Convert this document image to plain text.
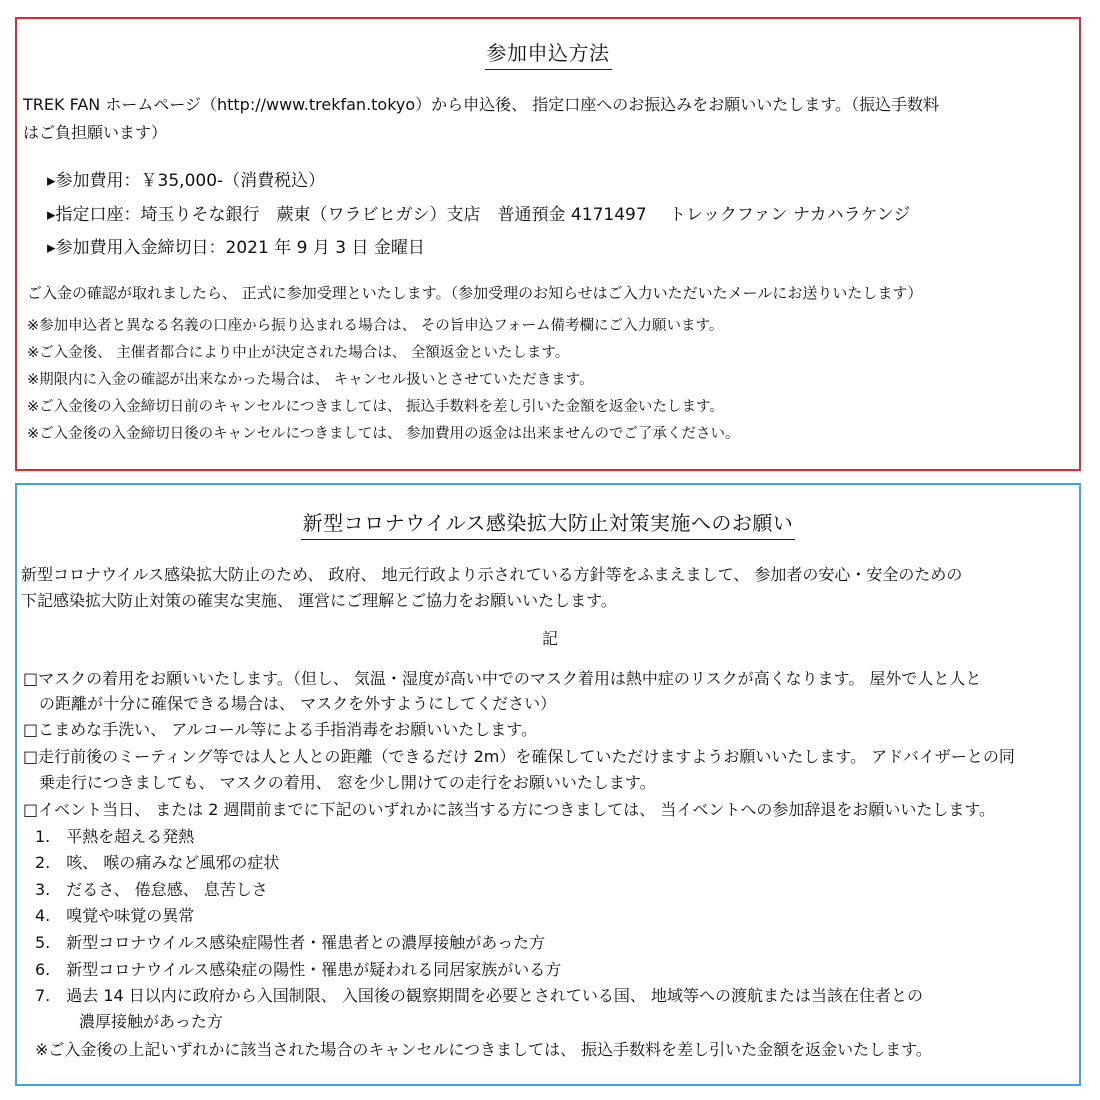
参加申込方法
TREK FAN ホームページ（http://www.trekfan.tokyo）から申込後、 指定口座へのお振込みをお願いいたします。（振込手数料
はご負担願います）
▸参加費用：￥35,000-（消費税込）
▸指定口座：埼玉りそな銀行　蕨東（ワラビヒガシ）支店　普通預金 4171497　 トレックファン ナカハラケンジ
▸参加費用入金締切日：2021 年 9 月 3 日 金曜日
ご入金の確認が取れましたら、 正式に参加受理といたします。（参加受理のお知らせはご入力いただいたメールにお送りいたします）
※参加申込者と異なる名義の口座から振り込まれる場合は、 その旨申込フォーム備考欄にご入力願います。
※ご入金後、 主催者都合により中止が決定された場合は、 全額返金といたします。
※期限内に入金の確認が出来なかった場合は、 キャンセル扱いとさせていただきます。
※ご入金後の入金締切日前のキャンセルにつきましては、 振込手数料を差し引いた金額を返金いたします。
※ご入金後の入金締切日後のキャンセルにつきましては、 参加費用の返金は出来ませんのでご了承ください。
新型コロナウイルス感染拡大防止対策実施へのお願い
新型コロナウイルス感染拡大防止のため、 政府、 地元行政より示されている方針等をふまえまして、 参加者の安心・安全のための
下記感染拡大防止対策の確実な実施、 運営にご理解とご協力をお願いいたします。
記
□マスクの着用をお願いいたします。（但し、 気温・湿度が高い中でのマスク着用は熱中症のリスクが高くなります。 屋外で人と人と
の距離が十分に確保できる場合は、 マスクを外すようにしてください）
□こまめな手洗い、 アルコール等による手指消毒をお願いいたします。
□走行前後のミーティング等では人と人との距離（できるだけ 2m）を確保していただけますようお願いいたします。 アドバイザーとの同
乗走行につきましても、 マスクの着用、 窓を少し開けての走行をお願いいたします。
□イベント当日、 または 2 週間前までに下記のいずれかに該当する方につきましては、 当イベントへの参加辞退をお願いいたします。
1.　平熱を超える発熱
2.　咳、 喉の痛みなど風邪の症状
3.　だるさ、 倦怠感、 息苦しさ
4.　嗅覚や味覚の異常
5.　新型コロナウイルス感染症陽性者・罹患者との濃厚接触があった方
6.　新型コロナウイルス感染症の陽性・罹患が疑われる同居家族がいる方
7.　過去 14 日以内に政府から入国制限、 入国後の観察期間を必要とされている国、 地域等への渡航または当該在住者との
濃厚接触があった方
※ご入金後の上記いずれかに該当された場合のキャンセルにつきましては、 振込手数料を差し引いた金額を返金いたします。
